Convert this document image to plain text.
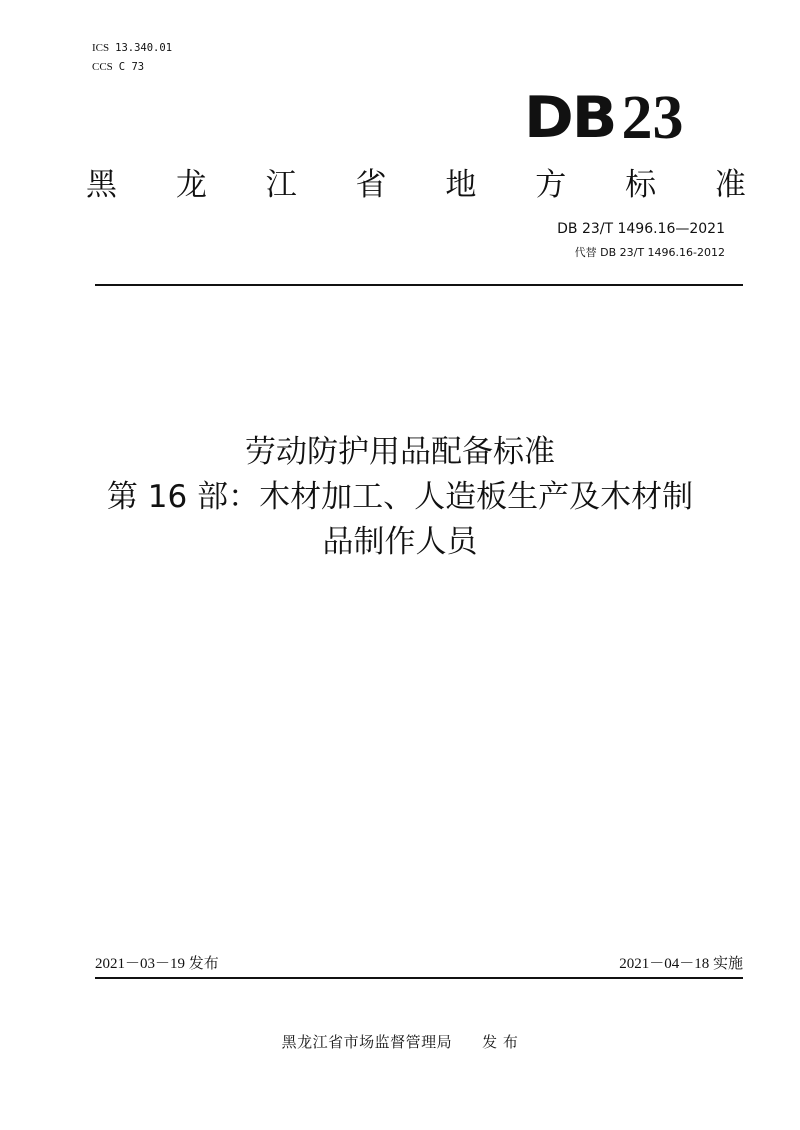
ICS 13.340.01
CCS C 73
DB 23
黑 龙 江 省 地 方 标 准
DB 23/T 1496.16—2021
代替 DB 23/T 1496.16-2012
劳动防护用品配备标准
第 16 部：木材加工、人造板生产及木材制
品制作人员
2021－03－19 发布	2021－04－18 实施
黑龙江省市场监督管理局 发 布
